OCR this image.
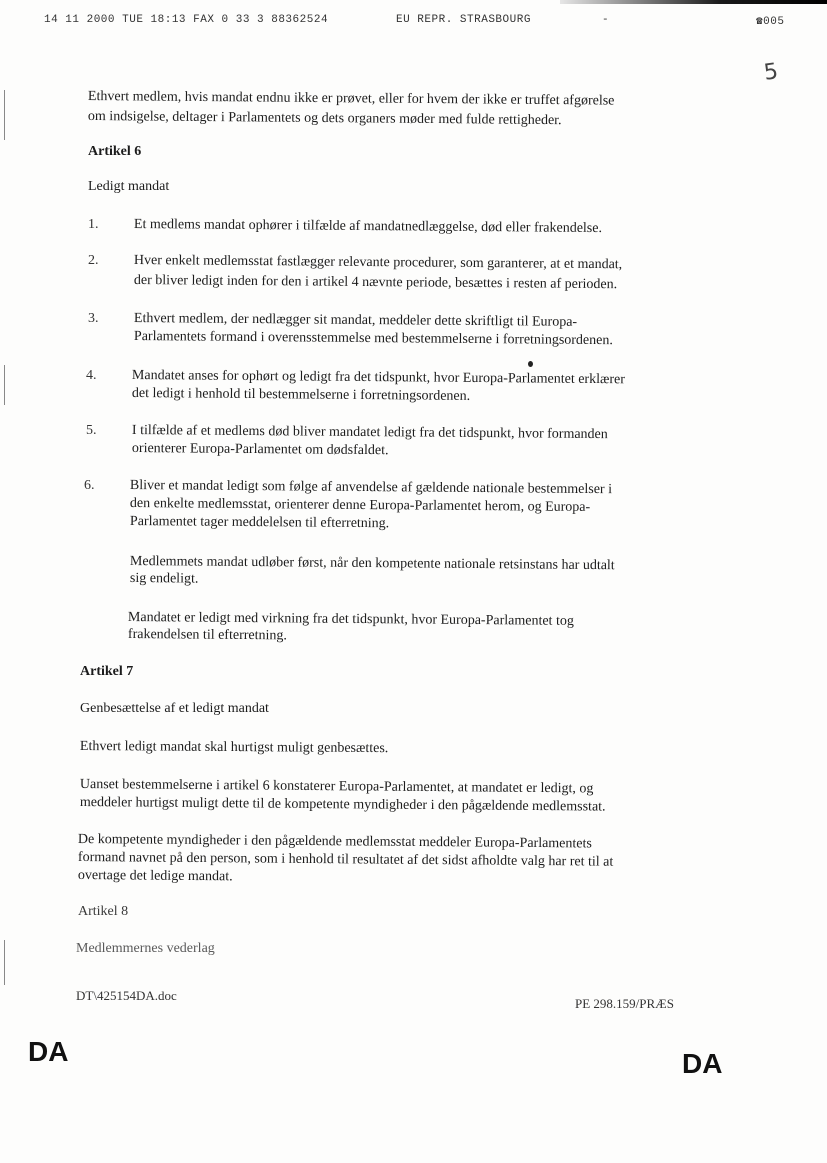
14 11 2000 TUE 18:13 FAX 0 33 3 88362524	EU REPR. STRASBOURG	-	☎005
5
Ethvert medlem, hvis mandat endnu ikke er prøvet, eller for hvem der ikke er truffet afgørelse
om indsigelse, deltager i Parlamentets og dets organers møder med fulde rettigheder.
Artikel 6
Ledigt mandat
1.	Et medlems mandat ophører i tilfælde af mandatnedlæggelse, død eller frakendelse.
2.	Hver enkelt medlemsstat fastlægger relevante procedurer, som garanterer, at et mandat,
der bliver ledigt inden for den i artikel 4 nævnte periode, besættes i resten af perioden.
3.	Ethvert medlem, der nedlægger sit mandat, meddeler dette skriftligt til Europa-
Parlamentets formand i overensstemmelse med bestemmelserne i forretningsordenen.
4.	Mandatet anses for ophørt og ledigt fra det tidspunkt, hvor Europa-Parlamentet erklærer
det ledigt i henhold til bestemmelserne i forretningsordenen.
5.	I tilfælde af et medlems død bliver mandatet ledigt fra det tidspunkt, hvor formanden
orienterer Europa-Parlamentet om dødsfaldet.
6.	Bliver et mandat ledigt som følge af anvendelse af gældende nationale bestemmelser i
den enkelte medlemsstat, orienterer denne Europa-Parlamentet herom, og Europa-
Parlamentet tager meddelelsen til efterretning.
Medlemmets mandat udløber først, når den kompetente nationale retsinstans har udtalt
sig endeligt.
Mandatet er ledigt med virkning fra det tidspunkt, hvor Europa-Parlamentet tog
frakendelsen til efterretning.
Artikel 7
Genbesættelse af et ledigt mandat
Ethvert ledigt mandat skal hurtigst muligt genbesættes.
Uanset bestemmelserne i artikel 6 konstaterer Europa-Parlamentet, at mandatet er ledigt, og
meddeler hurtigst muligt dette til de kompetente myndigheder i den pågældende medlemsstat.
De kompetente myndigheder i den pågældende medlemsstat meddeler Europa-Parlamentets
formand navnet på den person, som i henhold til resultatet af det sidst afholdte valg har ret til at
overtage det ledige mandat.
Artikel 8
Medlemmernes vederlag
DT\425154DA.doc
PE 298.159/PRÆS
DA	DA
